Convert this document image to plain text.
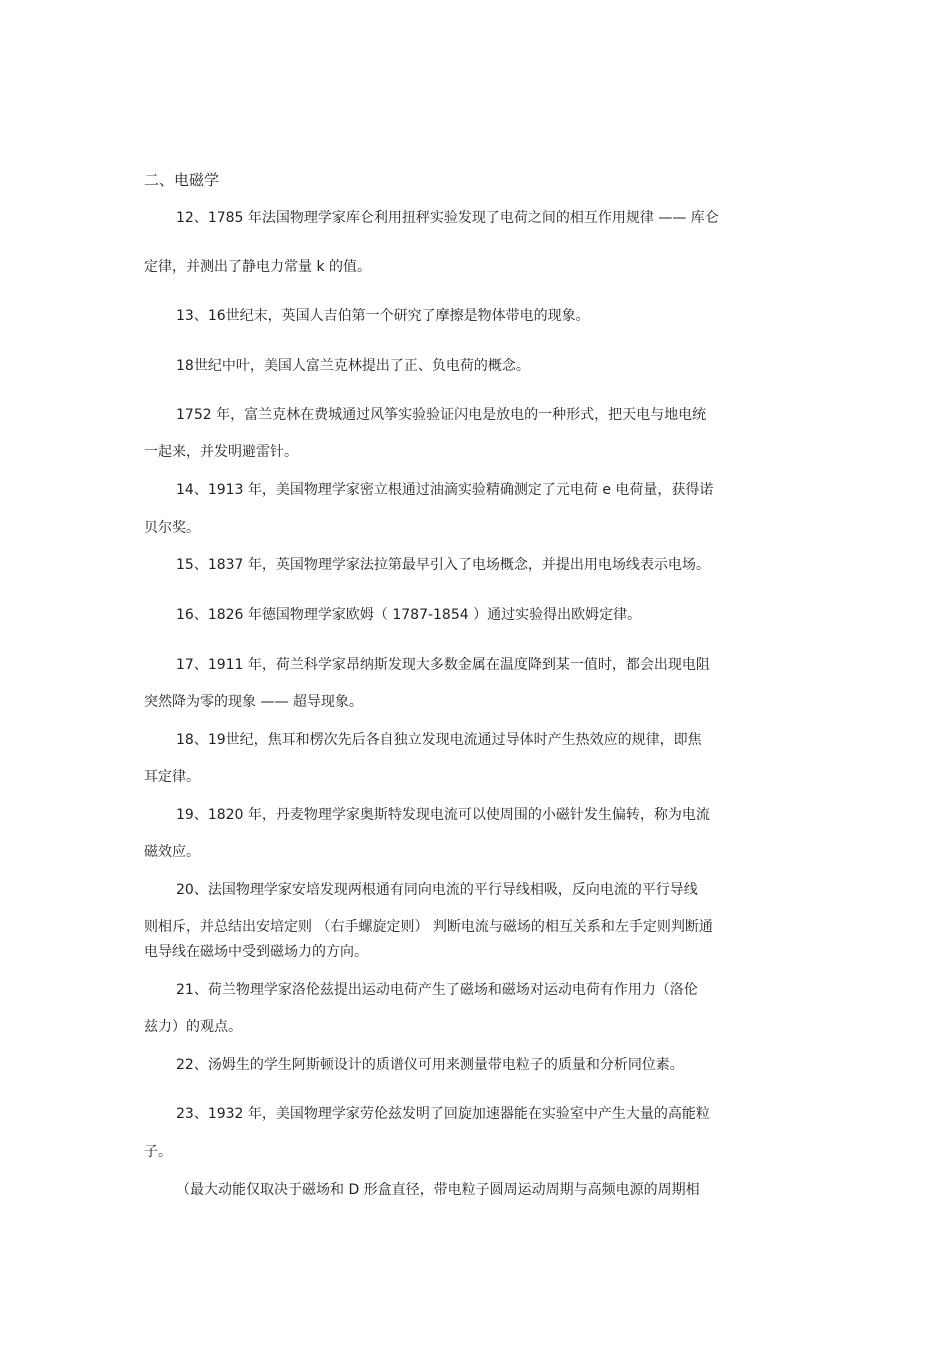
二、电磁学

12、1785 年法国物理学家库仑利用扭秤实验发现了电荷之间的相互作用规律 —— 库仑

定律，并测出了静电力常量 k 的值。

13、16世纪末，英国人吉伯第一个研究了摩擦是物体带电的现象。

18世纪中叶，美国人富兰克林提出了正、负电荷的概念。

1752 年，富兰克林在费城通过风筝实验验证闪电是放电的一种形式，把天电与地电统

一起来，并发明避雷针。

14、1913 年，美国物理学家密立根通过油滴实验精确测定了元电荷 e 电荷量，获得诺

贝尔奖。

15、1837 年，英国物理学家法拉第最早引入了电场概念，并提出用电场线表示电场。

16、1826 年德国物理学家欧姆（ 1787-1854 ）通过实验得出欧姆定律。

17、1911 年，荷兰科学家昂纳斯发现大多数金属在温度降到某一值时，都会出现电阻

突然降为零的现象 —— 超导现象。

18、19世纪，焦耳和楞次先后各自独立发现电流通过导体时产生热效应的规律，即焦

耳定律。

19、1820 年，丹麦物理学家奥斯特发现电流可以使周围的小磁针发生偏转，称为电流

磁效应。

20、法国物理学家安培发现两根通有同向电流的平行导线相吸，反向电流的平行导线

则相斥，并总结出安培定则 （右手螺旋定则） 判断电流与磁场的相互关系和左手定则判断通

电导线在磁场中受到磁场力的方向。

21、荷兰物理学家洛伦兹提出运动电荷产生了磁场和磁场对运动电荷有作用力（洛伦

兹力）的观点。

22、汤姆生的学生阿斯顿设计的质谱仪可用来测量带电粒子的质量和分析同位素。

23、1932 年，美国物理学家劳伦兹发明了回旋加速器能在实验室中产生大量的高能粒

子。

（最大动能仅取决于磁场和 D 形盒直径，带电粒子圆周运动周期与高频电源的周期相
